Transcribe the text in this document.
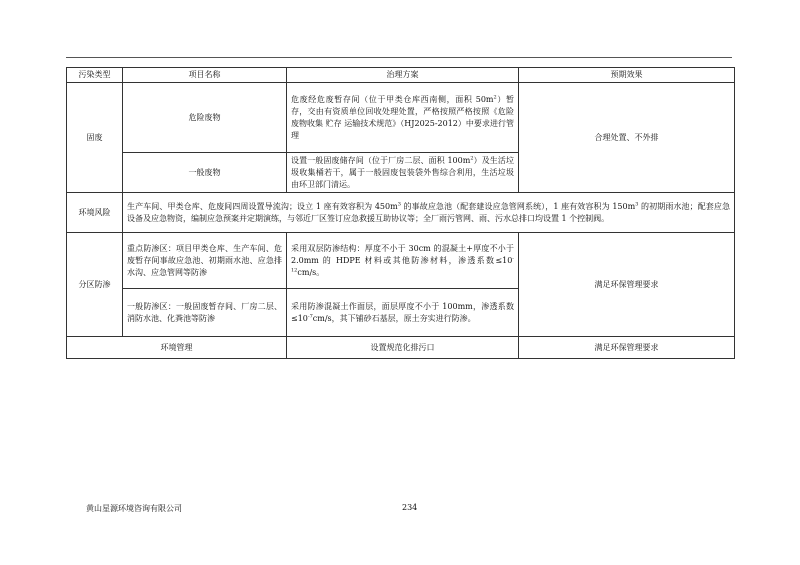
污染类型	项目名称	治理方案	预期效果
固废	危险废物	危废经危废暂存间（位于甲类仓库西南侧，面积 $50m^2$）暂存，交由有资质单位回收处理处置，严格按照严格按照《危险废物收集 贮存 运输技术规范》（HJ2025-2012）中要求进行管理	合理处置、不外排
	一般废物	设置一般固废储存间（位于厂房二层、面积 $100m^2$）及生活垃圾收集桶若干，属于一般固废包装袋外售综合利用，生活垃圾由环卫部门清运。	
环境风险	生产车间、甲类仓库、危废间四周设置导流沟；设立 1 座有效容积为 $450m^3$ 的事故应急池（配套建设应急管网系统），1 座有效容积为 $150m^3$ 的初期雨水池；配套应急设备及应急物资，编制应急预案并定期演练，与邻近厂区签订应急救援互助协议等；全厂雨污管网、雨、污水总排口均设置 1 个控制阀。		
分区防渗	重点防渗区：项目甲类仓库、生产车间、危废暂存间事故应急池、初期雨水池、应急排水沟、应急管网等防渗	采用双层防渗结构：厚度不小于 30cm 的混凝土+厚度不小于 2.0mm 的 HDPE 材料或其他防渗材料，渗透系数$\le 10^{-12}cm/s$。	满足环保管理要求
	一般防渗区：一般固废暂存间、厂房二层、消防水池、化粪池等防渗	采用防渗混凝土作面层，面层厚度不小于 100mm，渗透系数$\le 10^{-7}cm/s$，其下铺砂石基层，原土夯实进行防渗。	
环境管理		设置规范化排污口	满足环保管理要求
黄山星源环境咨询有限公司	234
